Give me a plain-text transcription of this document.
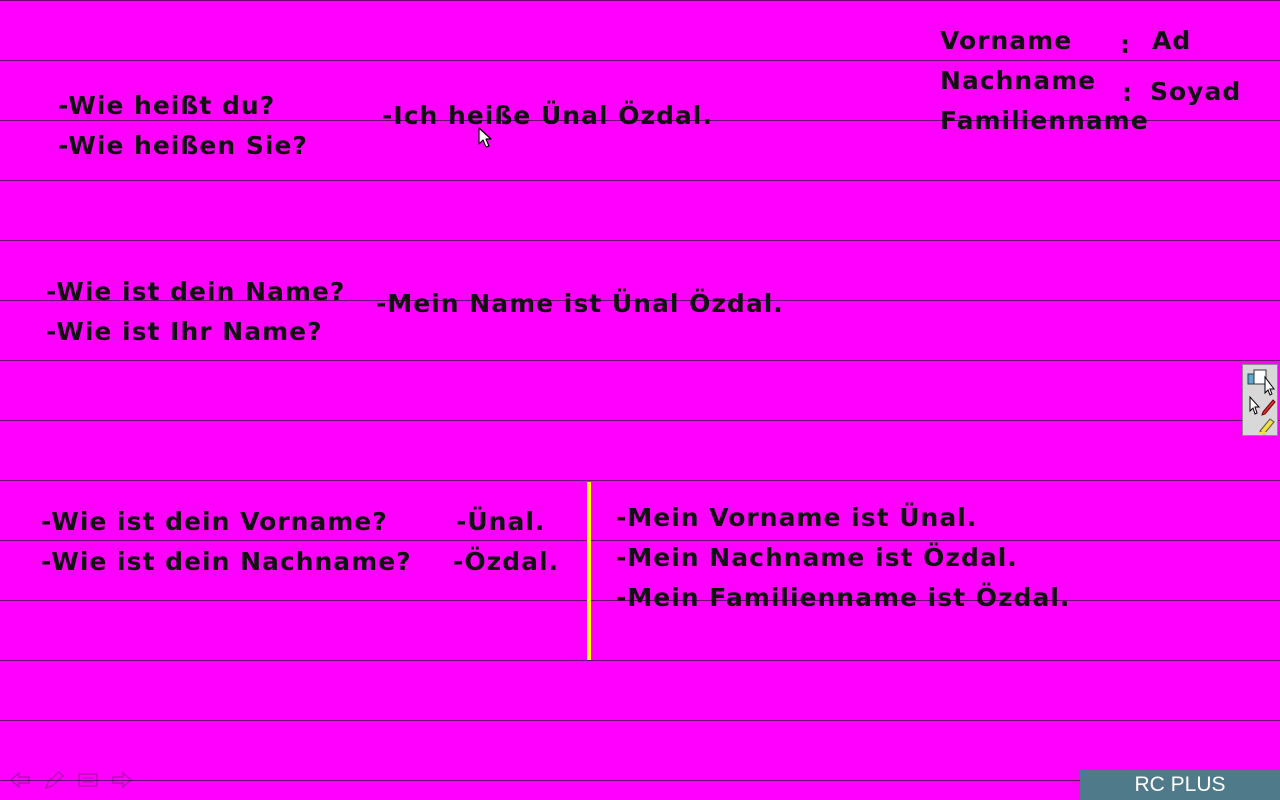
-Wie heißt du?
-Wie heißen Sie?
-Ich heiße Ünal Özdal.
Vorname
Nachname
Familienname
:
:
Ad
Soyad
-Wie ist dein Name?
-Wie ist Ihr Name?
-Mein Name ist Ünal Özdal.
-Wie ist dein Vorname?
-Wie ist dein Nachname?
-Ünal.
-Özdal.
-Mein Vorname ist Ünal.
-Mein Nachname ist Özdal.
-Mein Familienname ist Özdal.
RC PLUS
